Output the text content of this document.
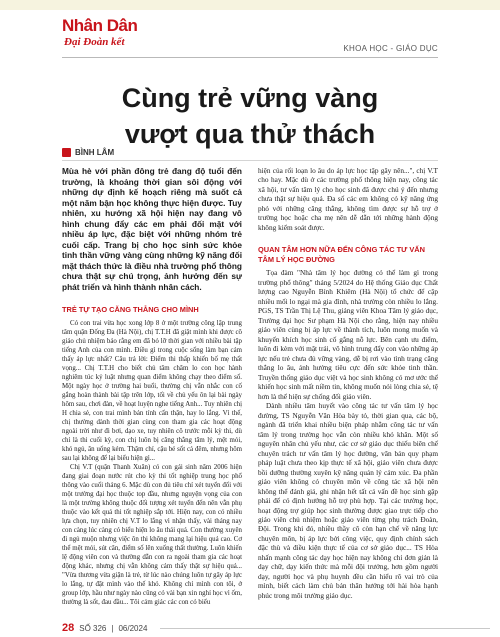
Nhân Dân
Đại Đoàn kết
KHOA HỌC - GIÁO DỤC
Cùng trẻ vững vàng
vượt qua thử thách
BÌNH LÂM

Mùa hè với phần đông trẻ đang độ tuổi đến trường, là khoảng thời gian sôi động với những dự định kế hoạch riêng mà suốt cả một năm bận học không thực hiện được. Tuy nhiên, xu hướng xã hội hiện nay đang vô hình chung đẩy các em phải đối mặt với nhiều áp lực, đặc biệt với những nhóm trẻ cuối cấp. Trang bị cho học sinh sức khỏe tinh thần vững vàng cùng những kỹ năng đối mặt thách thức là điều nhà trường phổ thông chưa thật sự chú trọng, ảnh hưởng đến sự phát triển và hình thành nhân cách.

TRẺ TỰ TẠO CĂNG THẲNG CHO MÌNH

Có con trai vừa học xong lớp 8 ở một trường công lập trung tâm quận Đống Đa (Hà Nội), chị T.T.H đã giật mình khi được cô giáo chủ nhiệm báo rằng em đã bỏ lỡ thời gian với nhiều bài tập tiếng Anh của con mình. Điều gì trong cuộc sống làm bạn cảm thấy áp lực nhất? Câu trả lời: Điểm thi thấp khiến bố mẹ thất vọng... Chị T.T.H cho biết chủ tâm chăm lo con học hành nghiêm túc kỷ luật nhưng quan điểm không chạy theo điểm số. Một ngày học ở trường hai buổi, thường chị vẫn nhắc con cố gắng hoàn thành bài tập trên lớp, tối về chủ yếu ôn lại bài ngày hôm sau, chơi đàn, về hoạt luyện nghe tiếng Anh... Tuy nhiên chị H chia sẻ, con trai mình bản tính cẩn thận, hay lo lắng. Vì thế, chị thường dành thời gian cùng con tham gia các hoạt động ngoài trời như đi bơi, dạo xe, tuy nhiên cô trước mỗi kỳ thi, dù chỉ là thi cuối kỳ, con chị luôn bị căng thẳng tâm lý, mệt mỏi, khó ngủ, ăn uống kém. Thậm chí, cậu bé sốt cả đêm, nhưng hôm sau lại không để lại biểu hiện gì...

Chị V.T (quận Thanh Xuân) có con gái sinh năm 2006 hiện đang giai đoạn nước rút cho kỳ thi tốt nghiệp trung học phổ thông vào cuối tháng 6. Mặc dù con đủ tiêu chí xét tuyển đối với một trường đại học thuộc top đầu, nhưng nguyện vọng của con là một trường không thuộc đối tượng xét tuyển đến nên vẫn phụ thuộc vào kết quả thi tốt nghiệp sắp tới. Hiện nay, con có nhiều lựa chọn, tuy nhiên chị V.T lo lắng vì nhận thấy, vài tháng nay con càng lúc càng có biểu hiện lo âu thái quá. Con thường xuyên đi ngủ muộn nhưng việc ôn thi không mang lại hiệu quả cao. Cơ thể mệt mỏi, sút cân, điểm số lên xuống thất thường. Luôn khiến lệ động viên con và thường dẫn con ra ngoài tham gia các hoạt động khác, nhưng chị vẫn không cảm thấy thật sự hiệu quả... "Vừa thương vừa giận là trẻ, từ lúc nào chúng luôn tự gây áp lực lo lắng, tự đặt mình vào thế khó. Không chỉ mình con tôi, ở group lớp, hầu như ngày nào cũng có vài bạn xin nghỉ học vì ốm, thường là sốt, đau đầu... Tôi cảm giác các con có biểu

hiện của rối loạn lo âu do áp lực học tập gây nên...", chị V.T cho hay. Mặc dù ở các trường phổ thông hiện nay, công tác xã hội, tư vấn tâm lý cho học sinh đã được chú ý đến nhưng chưa thật sự hiệu quả. Đa số các em không có kỹ năng ứng phó với những căng thẳng, không tìm được sự hỗ trợ ở trường học hoặc cha mẹ nên dễ dẫn tới những hành động không kiểm soát được.

QUAN TÂM HƠN NỮA ĐẾN CÔNG TÁC TƯ VẤN TÂM LÝ HỌC ĐƯỜNG

Tọa đàm "Nhà tâm lý học đường có thể làm gì trong trường phổ thông" tháng 5/2024 do Hệ thống Giáo dục Chất lượng cao Nguyễn Bỉnh Khiêm (Hà Nội) tổ chức để cập nhiều mối lo ngại mà gia đình, nhà trường còn nhiều lo lắng. PGS, TS Trần Thị Lệ Thu, giảng viên Khoa Tâm lý giáo dục, Trường đại học Sư phạm Hà Nội cho rằng, hiện nay nhiều giáo viên cùng bị áp lực về thành tích, luôn mong muốn và khuyến khích học sinh cố gắng nỗ lực. Bên cạnh ưu điểm, luôn đi kèm với mặt trái, vô hình trung đẩy con vào những áp lực nếu trẻ chưa đủ vững vàng, dễ bị rơi vào tình trạng căng thẳng lo âu, ảnh hưởng tiêu cực đến sức khỏe tinh thần. Truyền thống giáo dục việt và học sinh không có mơ ước thể khiến học sinh mất niềm tin, không muốn nói lòng chia sẻ, tệ hơn là thể hiện sự chống đối giáo viên.

Dành nhiều tâm huyết vào công tác tư vấn tâm lý học đường, TS Nguyễn Văn Hòa bày tỏ, thời gian qua, các bộ, ngành đã triển khai nhiều biện pháp nhằm công tác tư vấn tâm lý trong trường học vẫn còn nhiều khó khăn. Một số nguyên nhân chủ yếu như, các cơ sở giáo dục thiếu biên chế chuyên trách tư vấn tâm lý học đường, văn bản quy phạm pháp luật chưa theo kịp thực tế xã hội, giáo viên chưa được bồi dưỡng thường xuyên kỹ năng quản lý cảm xúc. Đa phần giáo viên không có chuyên môn về công tác xã hội nên không thể đánh giá, ghi nhận hết tất cả vấn đề học sinh gặp phải để có định hướng hỗ trợ phù hợp. Tại các trường học, hoạt động trợ giúp học sinh thường được giao trực tiếp cho giáo viên chủ nhiệm hoặc giáo viên từng phụ trách Đoàn, Đội. Trong khi đó, nhiều thầy cô còn hạn chế về năng lực chuyên môn, bị áp lực bởi công việc, quy định chính sách đặc thù và điều kiện thực tế của cơ sở giáo dục... TS Hòa nhấn mạnh công tác dạy học hiện nay không chỉ đơn giản là dạy chữ, dạy kiến thức mà mỗi đội trưởng, hơn gồm người dạy, người học và phụ huynh đều cần hiểu rõ vai trò của mình, biết cách làm chủ bản thân hướng tới hài hòa hạnh phúc trong môi trường giáo dục.

28 SỐ 326 | 06/2024
